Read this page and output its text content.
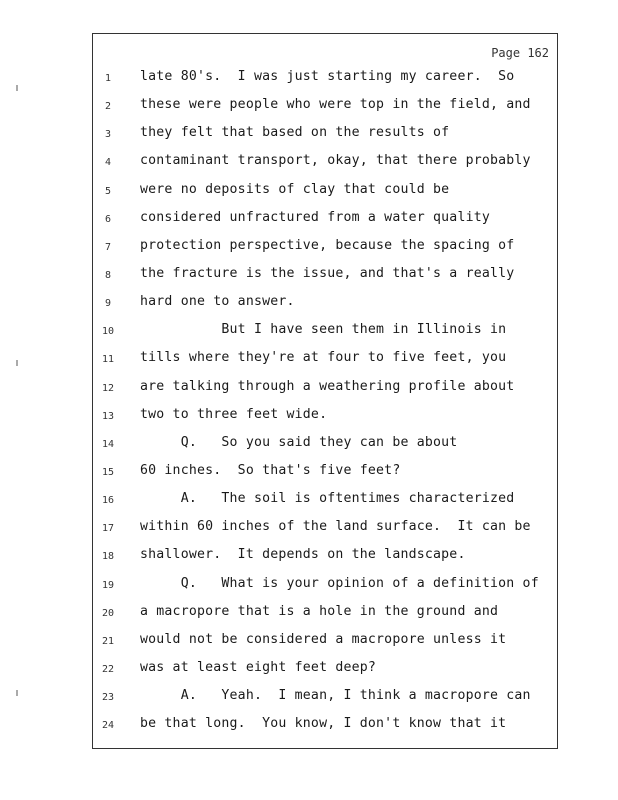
Page 162
1	late 80's.  I was just starting my career.  So
2	these were people who were top in the field, and
3	they felt that based on the results of
4	contaminant transport, okay, that there probably
5	were no deposits of clay that could be
6	considered unfractured from a water quality
7	protection perspective, because the spacing of
8	the fracture is the issue, and that's a really
9	hard one to answer.
10	But I have seen them in Illinois in
11	tills where they're at four to five feet, you
12	are talking through a weathering profile about
13	two to three feet wide.
14	Q.   So you said they can be about
15	60 inches.  So that's five feet?
16	A.   The soil is oftentimes characterized
17	within 60 inches of the land surface.  It can be
18	shallower.  It depends on the landscape.
19	Q.   What is your opinion of a definition of
20	a macropore that is a hole in the ground and
21	would not be considered a macropore unless it
22	was at least eight feet deep?
23	A.   Yeah.  I mean, I think a macropore can
24	be that long.  You know, I don't know that it
